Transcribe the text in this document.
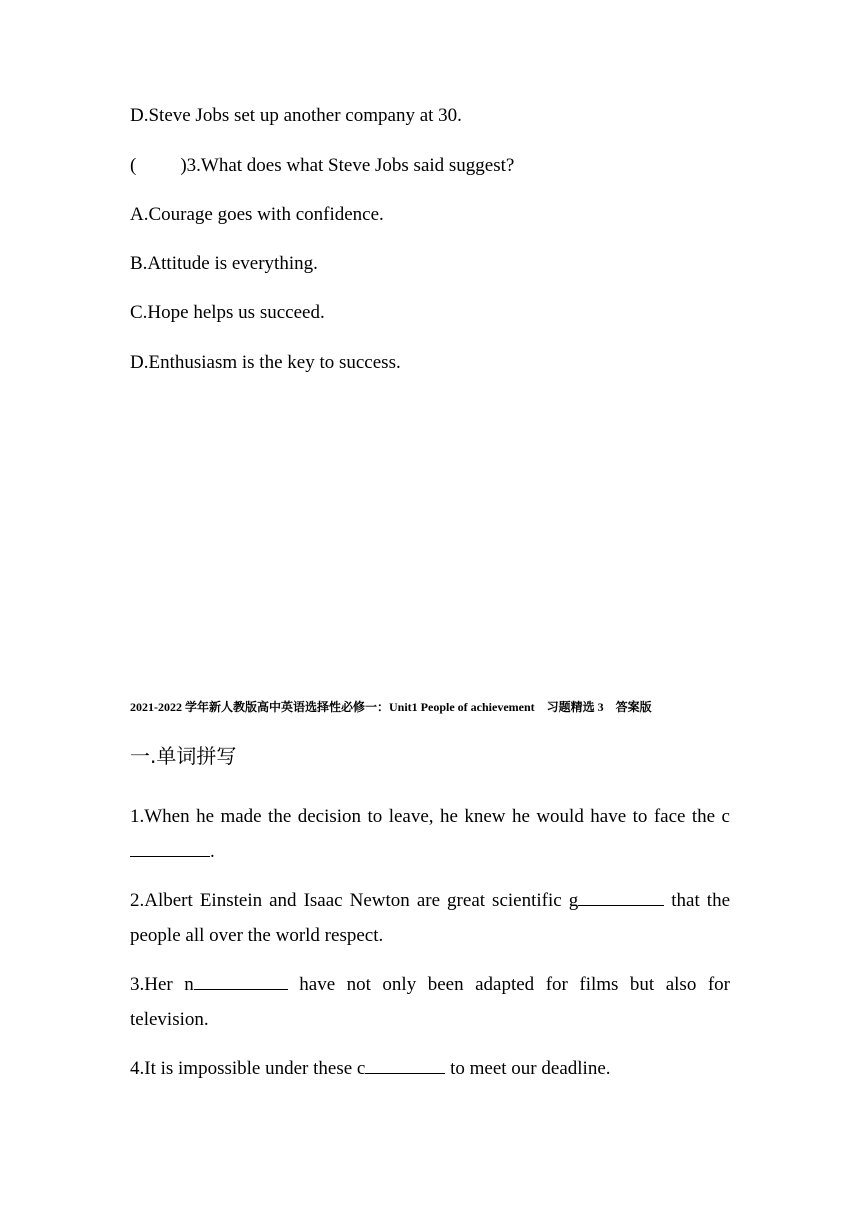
D.Steve Jobs set up another company at 30.
( )3.What does what Steve Jobs said suggest?
A.Courage goes with confidence.
B.Attitude is everything.
C.Hope helps us succeed.
D.Enthusiasm is the key to success.
2021-2022 学年新人教版高中英语选择性必修一：Unit1 People of achievement　习题精选 3　答案版
一.单词拼写
1.When he made the decision to leave, he knew he would have to face the c.
2.Albert Einstein and Isaac Newton are great scientific g	that the people all over the world respect.
3.Her n	have not only been adapted for films but also for television.
4.It is impossible under these c	to meet our deadline.
